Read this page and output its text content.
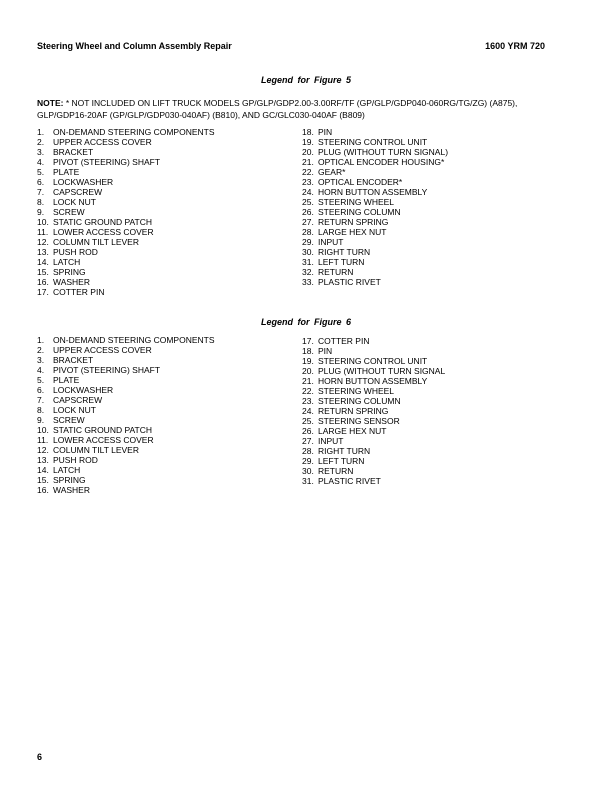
Steering Wheel and Column Assembly Repair	1600 YRM 720
Legend for Figure 5
NOTE: * NOT INCLUDED ON LIFT TRUCK MODELS GP/GLP/GDP2.00-3.00RF/TF (GP/GLP/GDP040-060RG/TG/ZG) (A875), GLP/GDP16-20AF (GP/GLP/GDP030-040AF) (B810), AND GC/GLC030-040AF (B809)
1.	ON-DEMAND STEERING COMPONENTS
2.	UPPER ACCESS COVER
3.	BRACKET
4.	PIVOT (STEERING) SHAFT
5.	PLATE
6.	LOCKWASHER
7.	CAPSCREW
8.	LOCK NUT
9.	SCREW
10. STATIC GROUND PATCH
11. LOWER ACCESS COVER
12. COLUMN TILT LEVER
13. PUSH ROD
14. LATCH
15. SPRING
16. WASHER
17. COTTER PIN
18. PIN
19. STEERING CONTROL UNIT
20. PLUG (WITHOUT TURN SIGNAL)
21. OPTICAL ENCODER HOUSING*
22. GEAR*
23. OPTICAL ENCODER*
24. HORN BUTTON ASSEMBLY
25. STEERING WHEEL
26. STEERING COLUMN
27. RETURN SPRING
28. LARGE HEX NUT
29. INPUT
30. RIGHT TURN
31. LEFT TURN
32. RETURN
33. PLASTIC RIVET
Legend for Figure 6
1.	ON-DEMAND STEERING COMPONENTS
2.	UPPER ACCESS COVER
3.	BRACKET
4.	PIVOT (STEERING) SHAFT
5.	PLATE
6.	LOCKWASHER
7.	CAPSCREW
8.	LOCK NUT
9.	SCREW
10. STATIC GROUND PATCH
11. LOWER ACCESS COVER
12. COLUMN TILT LEVER
13. PUSH ROD
14. LATCH
15. SPRING
16. WASHER
17. COTTER PIN
18. PIN
19. STEERING CONTROL UNIT
20. PLUG (WITHOUT TURN SIGNAL
21. HORN BUTTON ASSEMBLY
22. STEERING WHEEL
23. STEERING COLUMN
24. RETURN SPRING
25. STEERING SENSOR
26. LARGE HEX NUT
27. INPUT
28. RIGHT TURN
29. LEFT TURN
30. RETURN
31. PLASTIC RIVET
6
